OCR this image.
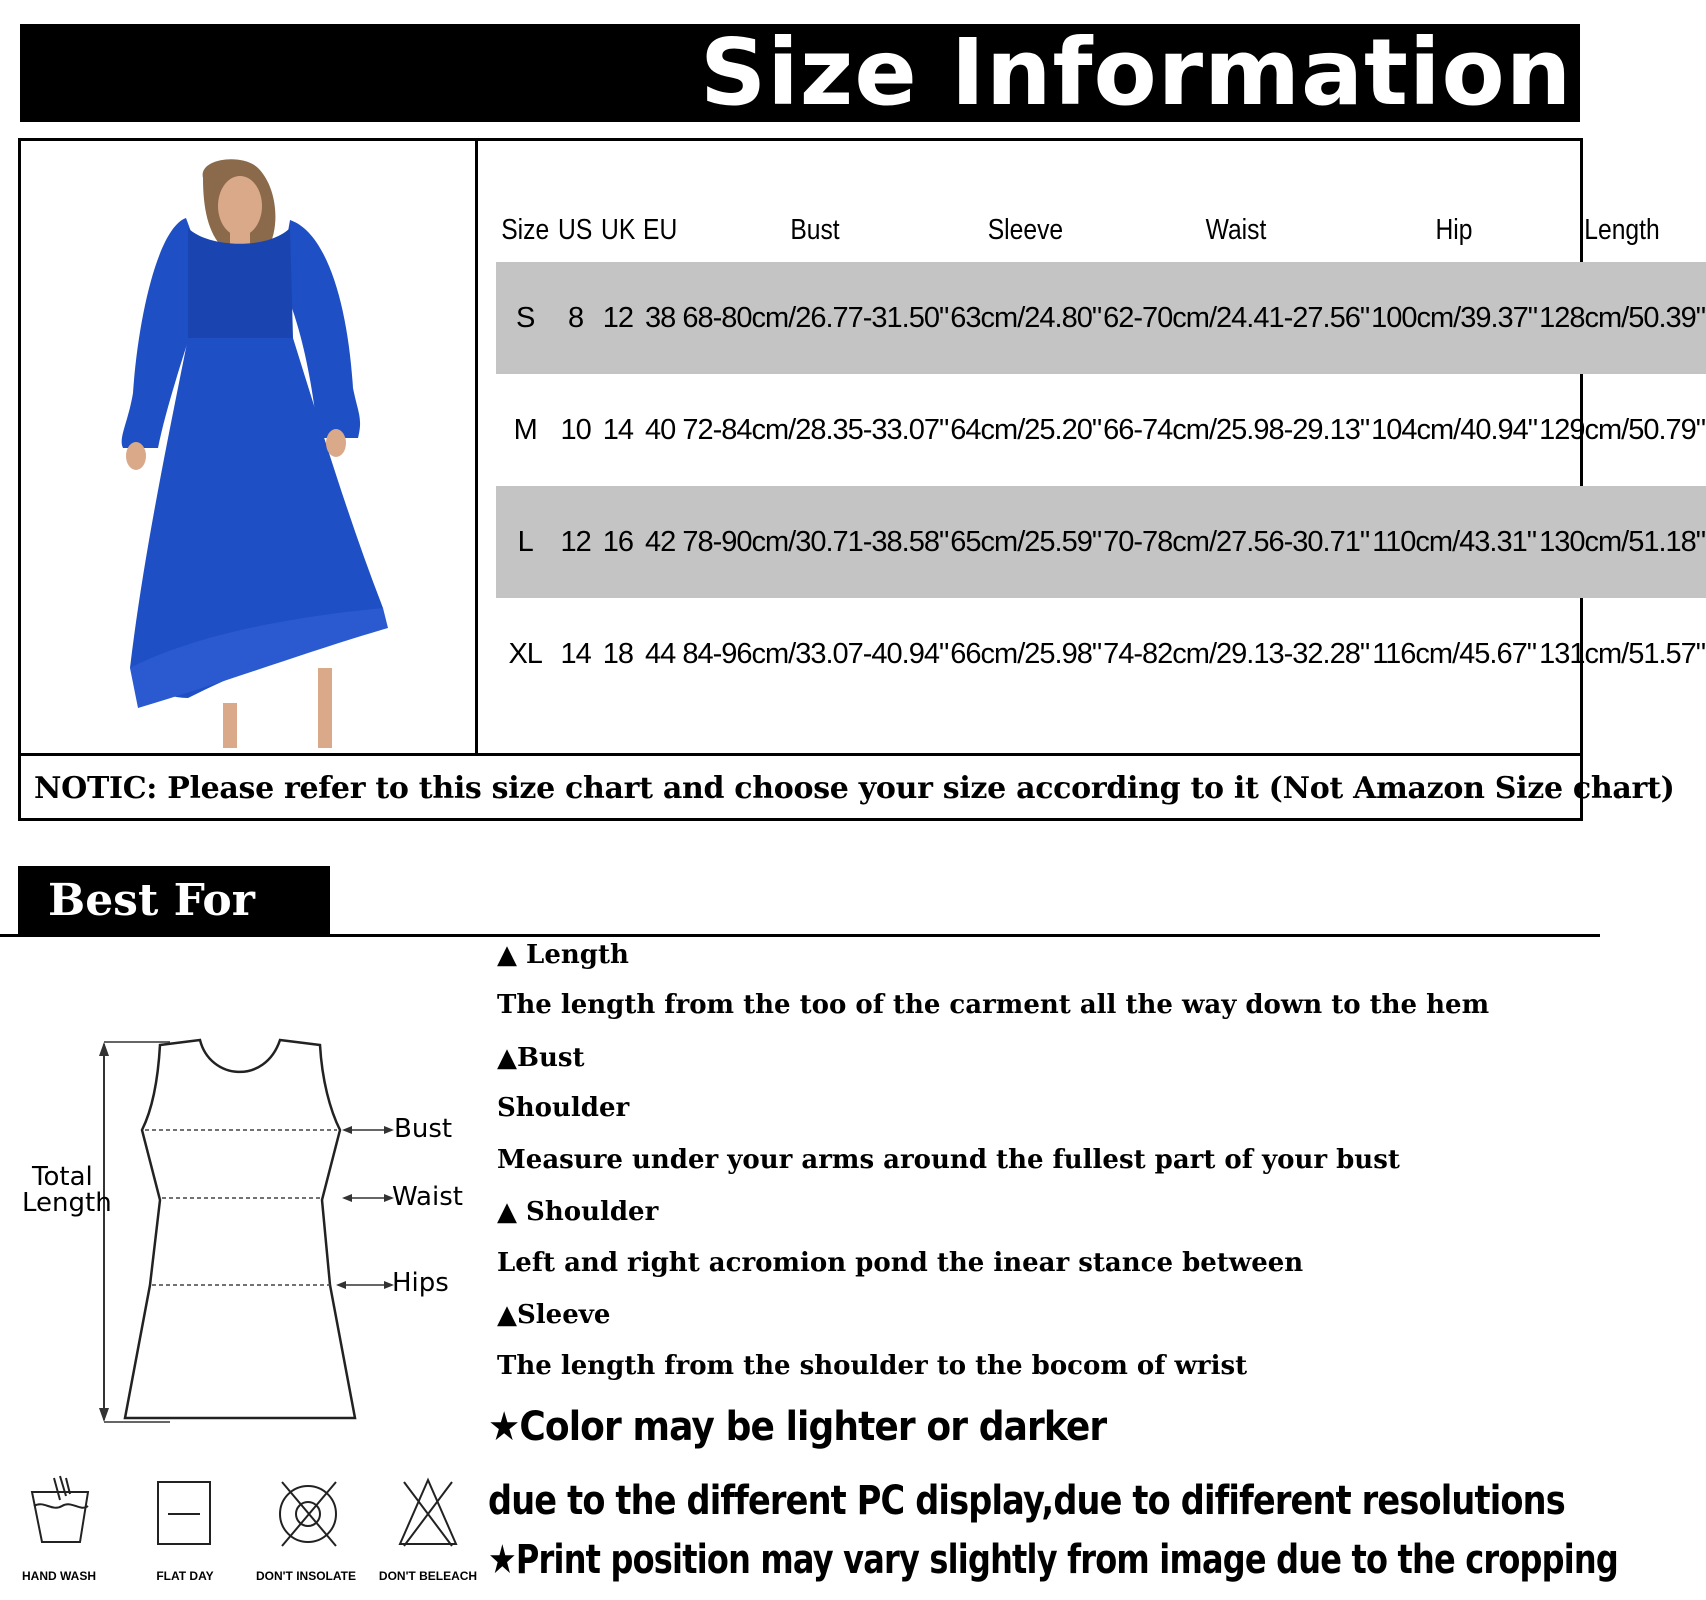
Size Information
Size	US	UK	EU	Bust	Sleeve	Waist	Hip	Length
S	8	12	38	68-80cm/26.77-31.50"	63cm/24.80"	62-70cm/24.41-27.56"	100cm/39.37"	128cm/50.39"
M	10	14	40	72-84cm/28.35-33.07"	64cm/25.20"	66-74cm/25.98-29.13"	104cm/40.94"	129cm/50.79"
L	12	16	42	78-90cm/30.71-38.58"	65cm/25.59"	70-78cm/27.56-30.71"	110cm/43.31"	130cm/51.18"
XL	14	18	44	84-96cm/33.07-40.94"	66cm/25.98"	74-82cm/29.13-32.28"	116cm/45.67"	131cm/51.57"
NOTIC: Please refer to this size chart and choose your size according to it (Not Amazon Size chart)
Best For You
Total
Length
Bust
Waist
Hips
HAND WASH	FLAT DAY	DON'T INSOLATE	DON'T BELEACH
▲ Length
The length from the too of the carment all the way down to the hem
▲Bust
Shoulder
Measure under your arms around the fullest part of your bust
▲ Shoulder
Left and right acromion pond the inear stance between
▲Sleeve
The length from the shoulder to the bocom of wrist
★Color may be lighter or darker
due to the different PC display,due to dififerent resolutions
★Print position may vary slightly from image due to the cropping
